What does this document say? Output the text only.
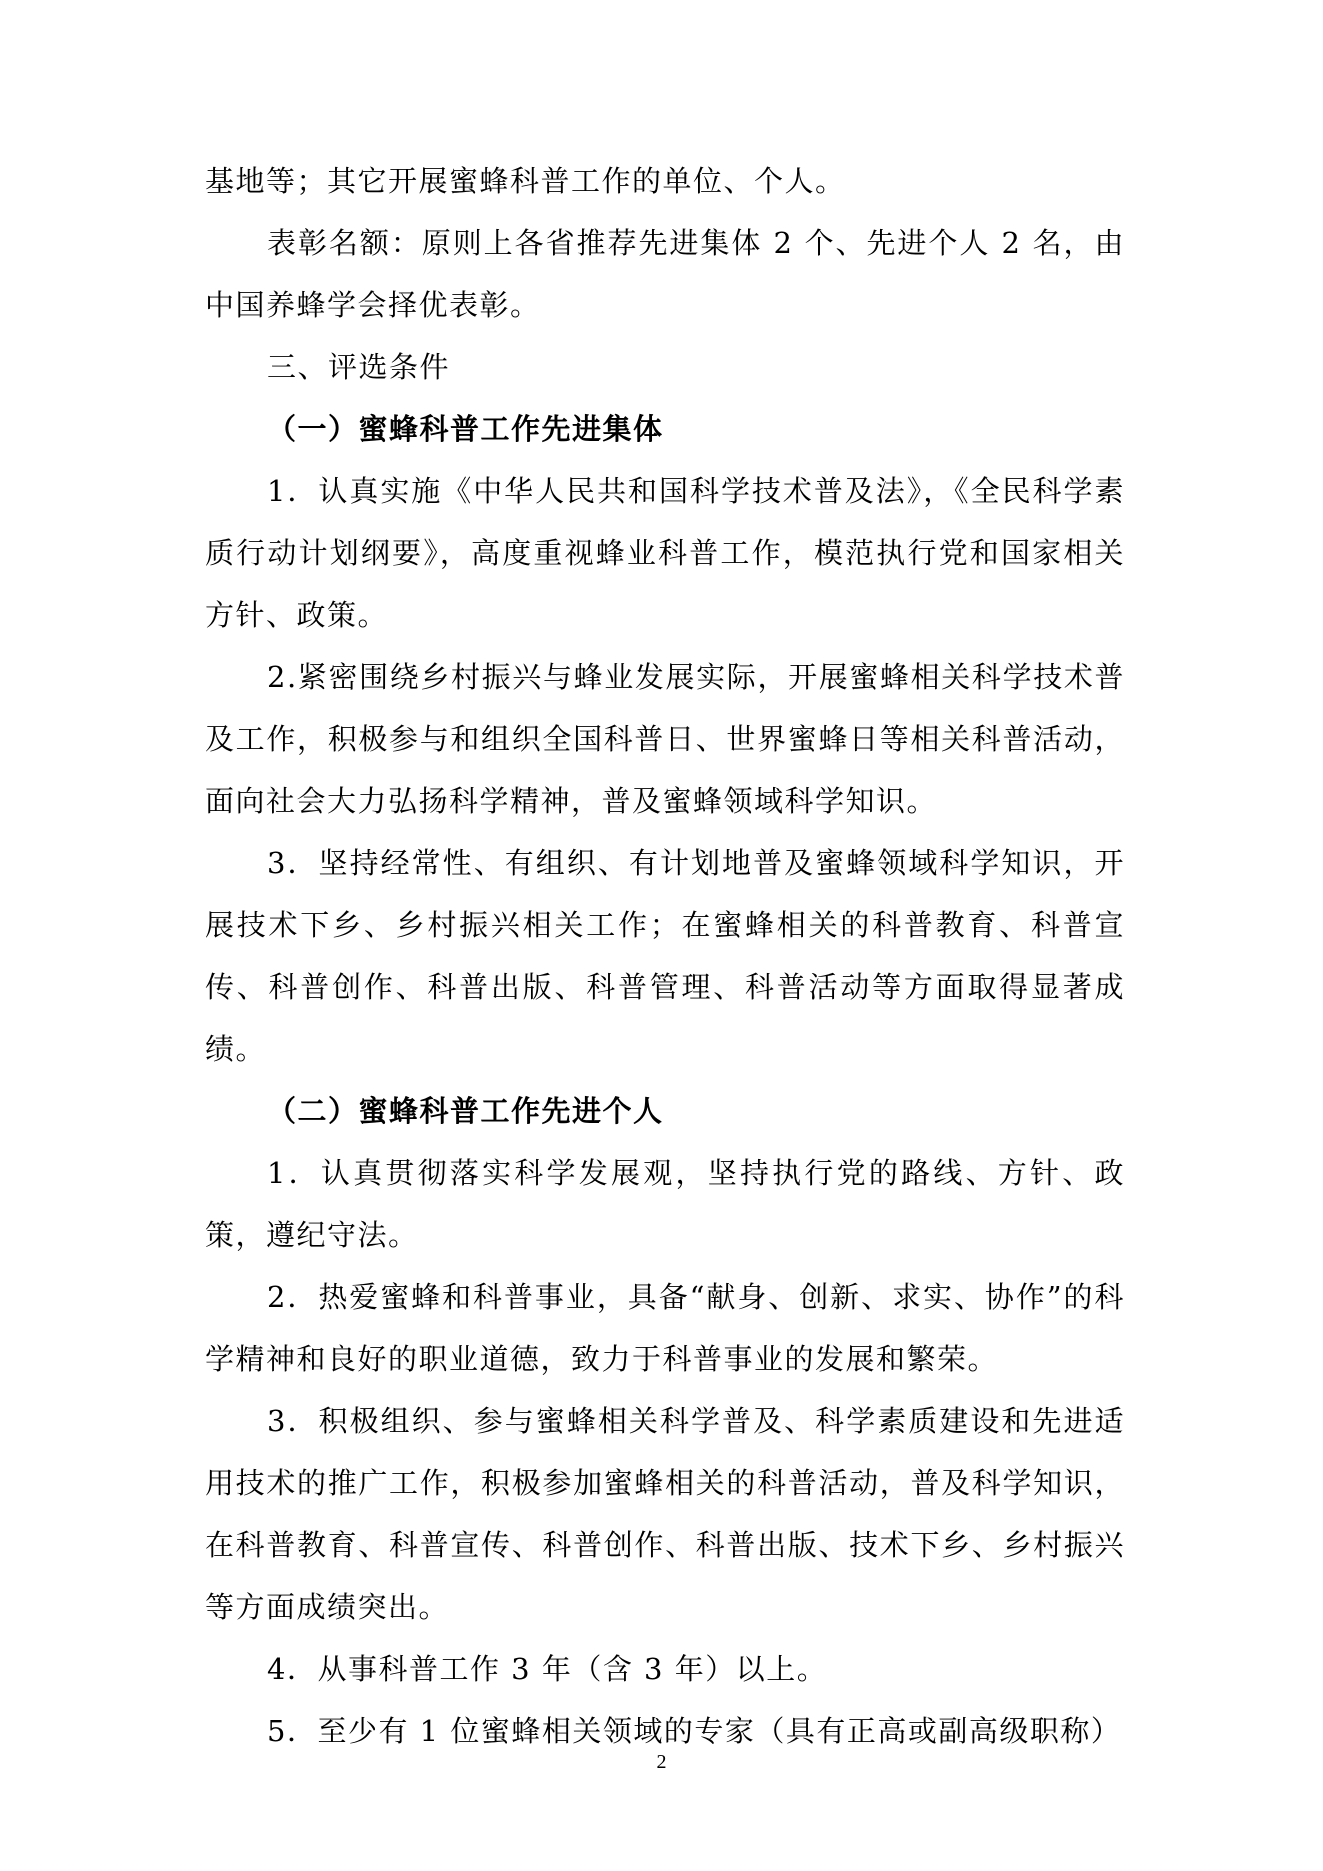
基地等；其它开展蜜蜂科普工作的单位、个人。

表彰名额：原则上各省推荐先进集体 2 个、先进个人 2 名，由中国养蜂学会择优表彰。

三、评选条件

（一）蜜蜂科普工作先进集体

1．认真实施《中华人民共和国科学技术普及法》，《全民科学素质行动计划纲要》，高度重视蜂业科普工作，模范执行党和国家相关方针、政策。

2.紧密围绕乡村振兴与蜂业发展实际，开展蜜蜂相关科学技术普及工作，积极参与和组织全国科普日、世界蜜蜂日等相关科普活动，面向社会大力弘扬科学精神，普及蜜蜂领域科学知识。

3．坚持经常性、有组织、有计划地普及蜜蜂领域科学知识，开展技术下乡、乡村振兴相关工作；在蜜蜂相关的科普教育、科普宣传、科普创作、科普出版、科普管理、科普活动等方面取得显著成绩。

（二）蜜蜂科普工作先进个人

1．认真贯彻落实科学发展观，坚持执行党的路线、方针、政策，遵纪守法。

2．热爱蜜蜂和科普事业，具备“献身、创新、求实、协作”的科学精神和良好的职业道德，致力于科普事业的发展和繁荣。

3．积极组织、参与蜜蜂相关科学普及、科学素质建设和先进适用技术的推广工作，积极参加蜜蜂相关的科普活动，普及科学知识，在科普教育、科普宣传、科普创作、科普出版、技术下乡、乡村振兴等方面成绩突出。

4．从事科普工作 3 年（含 3 年）以上。

5．至少有 1 位蜜蜂相关领域的专家（具有正高或副高级职称）

2
